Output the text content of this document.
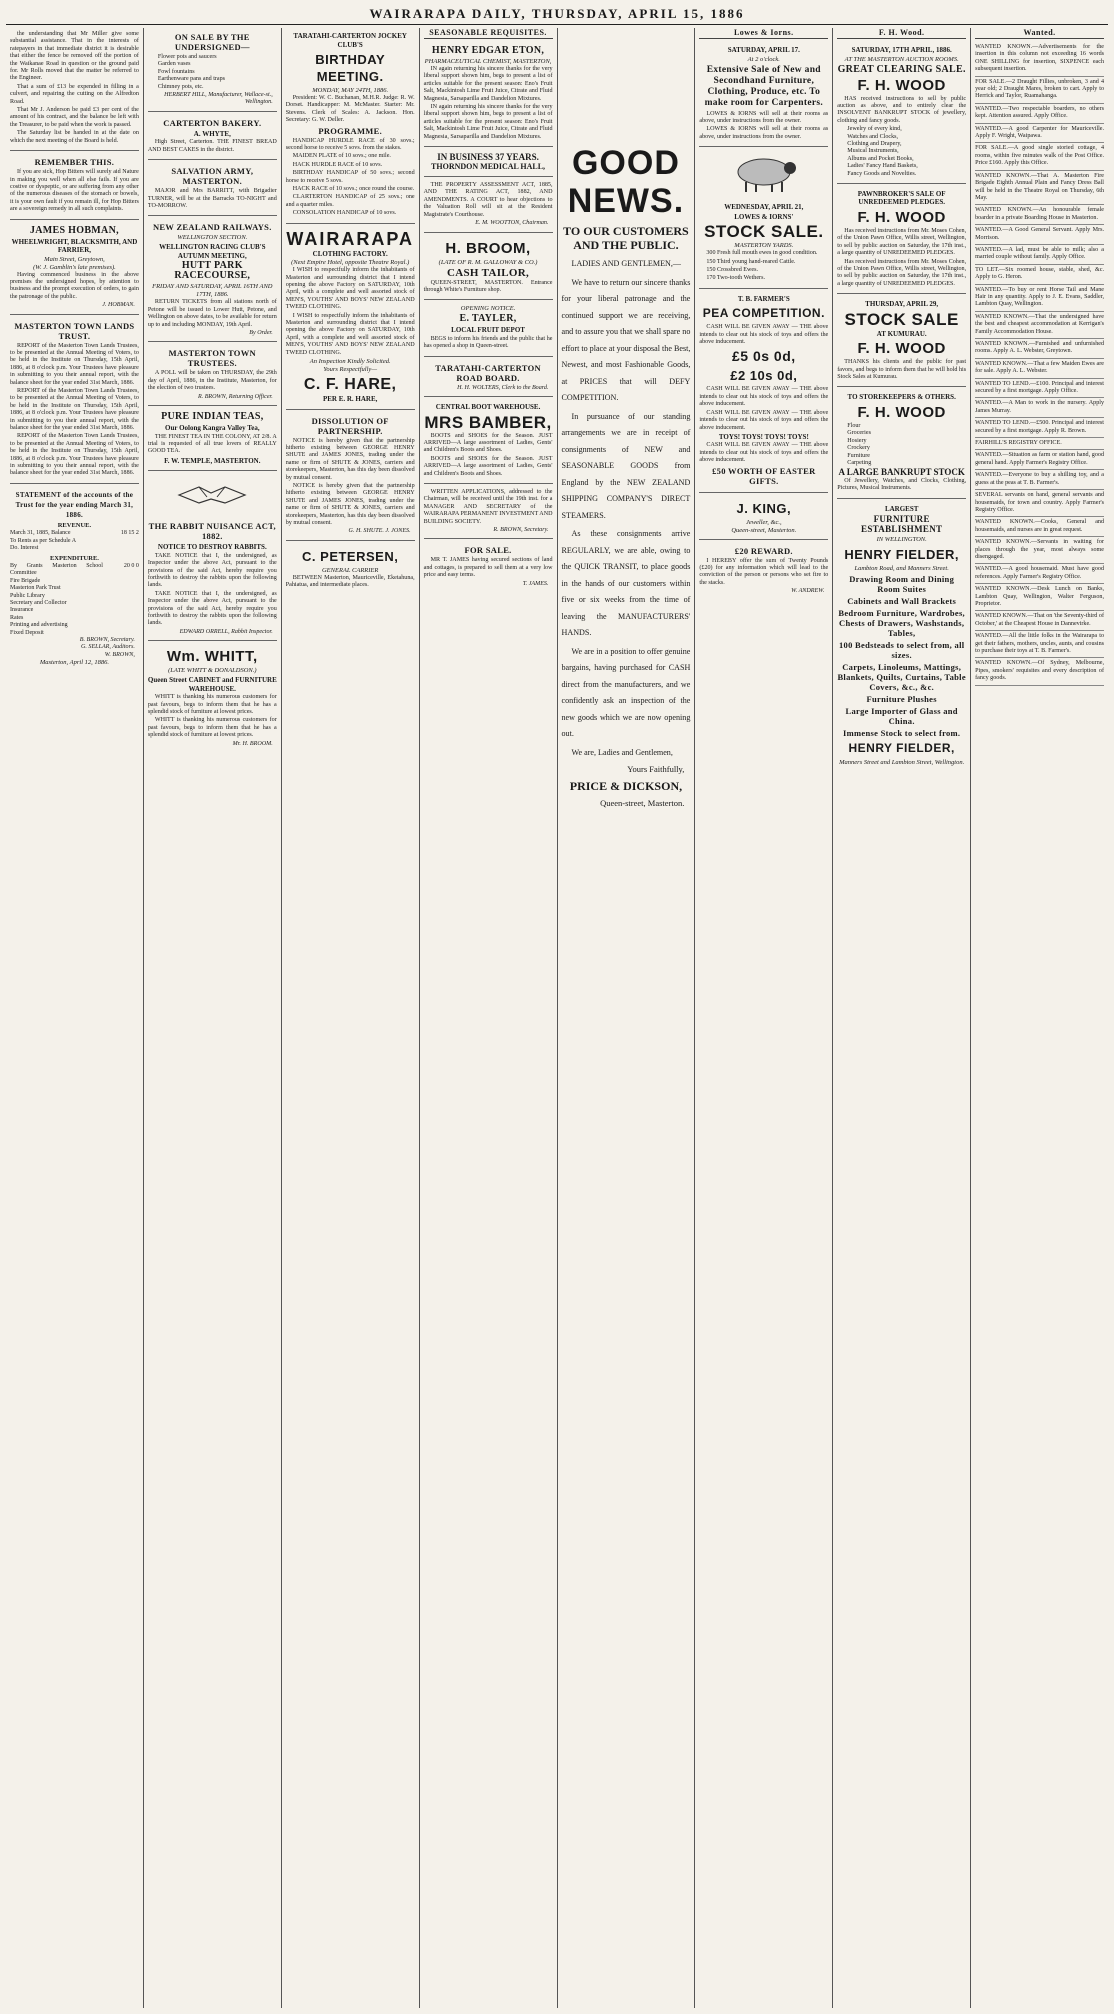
WAIRARAPA DAILY, THURSDAY, APRIL 15, 1886

the understanding that Mr Miller give some substantial assistance. That in the interests of ratepayers in that immediate district it is desirable that either the fence be removed off the portion of the Waikanae Road in question or the ground paid for. Mr Rolls moved that the matter be referred to the Engineer.

That a sum of £13 be expended in filling in a culvert, and repairing the cutting on the Alfredton Road.

That Mr J. Anderson be paid £3 per cent of the amount of his contract, and the balance be left with the Treasurer, to be paid when the work is passed.

The Saturday list be handed in at the date on which the next meeting of the Board is held.

REMEMBER THIS.

If you are sick, Hop Bitters will surely aid Nature in making you well when all else fails. If you are costive or dyspeptic, or are suffering from any other of the numerous diseases of the stomach or bowels, it is your own fault if you remain ill, for Hop Bitters are a sovereign remedy in all such complaints.

JAMES HOBMAN,
WHEELWRIGHT, BLACKSMITH, AND FARRIER,
Main Street, Greytown,
(W. J. Gamblin's late premises).

Having commenced business in the above premises the undersigned hopes, by attention to business and the prompt execution of orders, to gain the patronage of the public.

J. HOBMAN.
MASTERTON TOWN LANDS TRUST.

REPORT of the Masterton Town Lands Trustees, to be presented at the Annual Meeting of Voters, to be held in the Institute on Thursday, 15th April, 1886, at 8 o'clock p.m. Your Trustees have pleasure in submitting to you their annual report, with the balance sheet for the year ended 31st March, 1886.

REPORT of the Masterton Town Lands Trustees, to be presented at the Annual Meeting of Voters, to be held in the Institute on Thursday, 15th April, 1886, at 8 o'clock p.m. Your Trustees have pleasure in submitting to you their annual report, with the balance sheet for the year ended 31st March, 1886.

REPORT of the Masterton Town Lands Trustees, to be presented at the Annual Meeting of Voters, to be held in the Institute on Thursday, 15th April, 1886, at 8 o'clock p.m. Your Trustees have pleasure in submitting to you their annual report, with the balance sheet for the year ended 31st March, 1886.

STATEMENT of the accounts of the Trust for the year ending March 31, 1886.
REVENUE.
March 31, 1885, Balance	18 15 2
To Rents as per Schedule A
Do. Interest
EXPENDITURE.
By Grants Masterton School Committee
20 0 0
Fire Brigade
Masterton Park Trust
Public Library
Secretary and Collector
Insurance
Rates
Printing and advertising
Fixed Deposit
B. BROWN, Secretary.
G. SELLAR, Auditors.
W. BROWN,
Masterton, April 12, 1886.
ON SALE BY THE UNDERSIGNED—
Flower pots and saucers
Garden vases
Fowl fountains
Earthenware pans and traps
Chimney pots, etc.
HERBERT HILL, Manufacturer, Wallace-st., Wellington.
CARTERTON BAKERY.
A. WHYTE,

High Street, Carterton. THE FINEST BREAD AND BEST CAKES in the district.

SALVATION ARMY, MASTERTON.

MAJOR and Mrs BARRITT, with Brigadier TURNER, will be at the Barracks TO-NIGHT and TO-MORROW.

NEW ZEALAND RAILWAYS.
WELLINGTON SECTION.
WELLINGTON RACING CLUB'S AUTUMN MEETING,
HUTT PARK RACECOURSE,
FRIDAY AND SATURDAY, APRIL 16TH AND 17TH, 1886.

RETURN TICKETS from all stations north of Petone will be issued to Lower Hutt, Petone, and Wellington on above dates, to be available for return up to and including MONDAY, 19th April.

By Order.
MASTERTON TOWN TRUSTEES.

A POLL will be taken on THURSDAY, the 29th day of April, 1886, in the Institute, Masterton, for the election of two trustees.

R. BROWN, Returning Officer.
PURE INDIAN TEAS,
Our Oolong Kangra Valley Tea,

THE FINEST TEA IN THE COLONY, AT 2/8. A trial is requested of all true lovers of REALLY GOOD TEA.

F. W. TEMPLE, MASTERTON.
THE RABBIT NUISANCE ACT, 1882.
NOTICE TO DESTROY RABBITS.

TAKE NOTICE that I, the undersigned, as Inspector under the above Act, pursuant to the provisions of the said Act, hereby require you forthwith to destroy the rabbits upon the following lands.

TAKE NOTICE that I, the undersigned, as Inspector under the above Act, pursuant to the provisions of the said Act, hereby require you forthwith to destroy the rabbits upon the following lands.

EDWARD ORRELL, Rabbit Inspector.
Wm. WHITT,
(LATE WHITT & DONALDSON.)
Queen Street CABINET and FURNITURE WAREHOUSE.

WHITT is thanking his numerous customers for past favours, begs to inform them that he has a splendid stock of furniture at lowest prices.

WHITT is thanking his numerous customers for past favours, begs to inform them that he has a splendid stock of furniture at lowest prices.

Mr. H. BROOM.
TARATAHI-CARTERTON JOCKEY CLUB'S
BIRTHDAY MEETING.
MONDAY, MAY 24TH, 1886.

President: W. C. Buchanan, M.H.R. Judge: R. W. Dorset. Handicapper: M. McMaster. Starter: Mr. Stevens. Clerk of Scales: A. Jackson. Hon. Secretary: G. W. Deller.

PROGRAMME.

HANDICAP HURDLE RACE of 30 sovs.; second horse to receive 5 sovs. from the stakes.

MAIDEN PLATE of 10 sovs.; one mile.

HACK HURDLE RACE of 10 sovs.

BIRTHDAY HANDICAP of 50 sovs.; second horse to receive 5 sovs.

HACK RACE of 10 sovs.; once round the course.

CLARTERTON HANDICAP of 25 sovs.; one and a quarter miles.

CONSOLATION HANDICAP of 10 sovs.

WAIRARAPA
CLOTHING FACTORY.
(Next Empire Hotel, opposite Theatre Royal.)

I WISH to respectfully inform the inhabitants of Masterton and surrounding district that I intend opening the above Factory on SATURDAY, 10th April, with a complete and well assorted stock of MEN'S, YOUTHS' AND BOYS' NEW ZEALAND TWEED CLOTHING.

I WISH to respectfully inform the inhabitants of Masterton and surrounding district that I intend opening the above Factory on SATURDAY, 10th April, with a complete and well assorted stock of MEN'S, YOUTHS' AND BOYS' NEW ZEALAND TWEED CLOTHING.

An Inspection Kindly Solicited.
Yours Respectfully—
C. F. HARE,
PER E. R. HARE,
DISSOLUTION OF PARTNERSHIP.

NOTICE is hereby given that the partnership hitherto existing between GEORGE HENRY SHUTE and JAMES JONES, trading under the name or firm of SHUTE & JONES, carriers and storekeepers, Masterton, has this day been dissolved by mutual consent.

NOTICE is hereby given that the partnership hitherto existing between GEORGE HENRY SHUTE and JAMES JONES, trading under the name or firm of SHUTE & JONES, carriers and storekeepers, Masterton, has this day been dissolved by mutual consent.

G. H. SHUTE. J. JONES.
C. PETERSEN,
GENERAL CARRIER

BETWEEN Masterton, Mauriceville, Eketahuna, Pahiatua, and intermediate places.

SEASONABLE REQUISITES.
HENRY EDGAR ETON,
PHARMACEUTICAL CHEMIST, MASTERTON,

IN again returning his sincere thanks for the very liberal support shown him, begs to present a list of articles suitable for the present season: Eno's Fruit Salt, Mackintosh Lime Fruit Juice, Citrate and Fluid Magnesia, Sarsaparilla and Dandelion Mixtures.

IN again returning his sincere thanks for the very liberal support shown him, begs to present a list of articles suitable for the present season: Eno's Fruit Salt, Mackintosh Lime Fruit Juice, Citrate and Fluid Magnesia, Sarsaparilla and Dandelion Mixtures.

IN BUSINESS 37 YEARS.
THORNDON MEDICAL HALL,

THE PROPERTY ASSESSMENT ACT, 1885, AND THE RATING ACT, 1882, AND AMENDMENTS. A COURT to hear objections to the Valuation Roll will sit at the Resident Magistrate's Courthouse.

E. M. WOOTTON, Chairman.
H. BROOM,
(LATE OF R. M. GALLOWAY & CO.)
CASH TAILOR,

QUEEN-STREET, MASTERTON. Entrance through White's Furniture shop.

OPENING NOTICE.
E. TAYLER,
LOCAL FRUIT DEPOT

BEGS to inform his friends and the public that he has opened a shop in Queen-street.

TARATAHI-CARTERTON ROAD BOARD.
H. H. WOLTERS, Clerk to the Board.
CENTRAL BOOT WAREHOUSE.
MRS BAMBER,

BOOTS and SHOES for the Season. JUST ARRIVED—A large assortment of Ladies, Gents' and Children's Boots and Shoes.

BOOTS and SHOES for the Season. JUST ARRIVED—A large assortment of Ladies, Gents' and Children's Boots and Shoes.

WRITTEN APPLICATIONS, addressed to the Chairman, will be received until the 19th inst. for a MANAGER AND SECRETARY of the WAIRARAPA PERMANENT INVESTMENT AND BUILDING SOCIETY.

R. BROWN, Secretary.
FOR SALE.

MR T. JAMES having secured sections of land and cottages, is prepared to sell them at a very low price and easy terms.

T. JAMES.
GOOD NEWS.
TO OUR CUSTOMERS AND THE PUBLIC.

LADIES AND GENTLEMEN,—

We have to return our sincere thanks for your liberal patronage and the continued support we are receiving, and to assure you that we shall spare no effort to place at your disposal the Best, Newest, and most Fashionable Goods, at PRICES that will DEFY COMPETITION.

In pursuance of our standing arrangements we are in receipt of consignments of NEW and SEASONABLE GOODS from England by the NEW ZEALAND SHIPPING COMPANY'S DIRECT STEAMERS.

As these consignments arrive REGULARLY, we are able, owing to the QUICK TRANSIT, to place goods in the hands of our customers within five or six weeks from the time of leaving the MANUFACTURERS' HANDS.

We are in a position to offer genuine bargains, having purchased for CASH direct from the manufacturers, and we confidently ask an inspection of the new goods which we are now opening out.

We are, Ladies and Gentlemen,

Yours Faithfully,
PRICE & DICKSON,
Queen-street, Masterton.
Lowes & Iorns.
SATURDAY, APRIL 17.
At 2 o'clock.
Extensive Sale of New and Secondhand Furniture, Clothing, Produce, etc. To make room for Carpenters.

LOWES & IORNS will sell at their rooms as above, under instructions from the owner.

LOWES & IORNS will sell at their rooms as above, under instructions from the owner.

WEDNESDAY, APRIL 21,
LOWES & IORNS'
STOCK SALE.
MASTERTON YARDS.

300 Fresh full mouth ewes in good condition.

150 Third young hand-reared Cattle.

150 Crossbred Ewes.

170 Two-tooth Wethers.

T. B. FARMER'S
PEA COMPETITION.

CASH WILL BE GIVEN AWAY — THE above intends to clear out his stock of toys and offers the above inducement.

£5 0s 0d,
£2 10s 0d,

CASH WILL BE GIVEN AWAY — THE above intends to clear out his stock of toys and offers the above inducement.

CASH WILL BE GIVEN AWAY — THE above intends to clear out his stock of toys and offers the above inducement.

TOYS! TOYS! TOYS! TOYS!

CASH WILL BE GIVEN AWAY — THE above intends to clear out his stock of toys and offers the above inducement.

£50 WORTH OF EASTER GIFTS.
J. KING,
Jeweller, &c.,
Queen-street, Masterton.
£20 REWARD.

I HEREBY offer the sum of Twenty Pounds (£20) for any information which will lead to the conviction of the person or persons who set fire to the stacks.

W. ANDREW.
F. H. Wood.
SATURDAY, 17TH APRIL, 1886.
AT THE MASTERTON AUCTION ROOMS.
GREAT CLEARING SALE.
F. H. WOOD

HAS received instructions to sell by public auction as above, and to entirely clear the INSOLVENT BANKRUPT STOCK of jewellery, clothing and fancy goods.

Jewelry of every kind,
Watches and Clocks,
Clothing and Drapery,
Musical Instruments,
Albums and Pocket Books,
Ladies' Fancy Hand Baskets,
Fancy Goods and Novelties.
PAWNBROKER'S SALE OF UNREDEEMED PLEDGES.
F. H. WOOD

Has received instructions from Mr. Moses Cohen, of the Union Pawn Office, Willis street, Wellington, to sell by public auction on Saturday, the 17th inst., a large quantity of UNREDEEMED PLEDGES.

Has received instructions from Mr. Moses Cohen, of the Union Pawn Office, Willis street, Wellington, to sell by public auction on Saturday, the 17th inst., a large quantity of UNREDEEMED PLEDGES.

THURSDAY, APRIL 29,
STOCK SALE
AT KUMURAU.
F. H. WOOD

THANKS his clients and the public for past favors, and begs to inform them that he will hold his Stock Sales at Kumurau.

TO STOREKEEPERS & OTHERS.
F. H. WOOD
Flour
Groceries
Hosiery
Crockery
Furniture
Carpeting
A LARGE BANKRUPT STOCK

Of Jewellery, Watches, and Clocks, Clothing, Pictures, Musical Instruments.

LARGEST
FURNITURE ESTABLISHMENT
IN WELLINGTON.
HENRY FIELDER,
Lambton Road, and Manners Street.
Drawing Room and Dining Room Suites
Cabinets and Wall Brackets
Bedroom Furniture, Wardrobes, Chests of Drawers, Washstands, Tables,
100 Bedsteads to select from, all sizes.
Carpets, Linoleums, Mattings, Blankets, Quilts, Curtains, Table Covers, &c., &c.
Furniture Plushes
Large Importer of Glass and China.
Immense Stock to select from.
HENRY FIELDER,
Manners Street and Lambton Street, Wellington.
Wanted.
WANTED KNOWN.—Advertisements for the insertion in this column not exceeding 16 words ONE SHILLING for insertion, SIXPENCE each subsequent insertion.
FOR SALE.—2 Draught Fillies, unbroken, 3 and 4 year old; 2 Draught Mares, broken to cart. Apply to Herrick and Taylor, Ruamahanga.
WANTED.—Two respectable boarders, no others kept. Attention assured. Apply Office.
WANTED.—A good Carpenter for Mauriceville. Apply F. Wright, Waipawa.
FOR SALE.—A good single storied cottage, 4 rooms, within five minutes walk of the Post Office. Price £160. Apply this Office.
WANTED KNOWN.—That A. Masterton Fire Brigade Eighth Annual Plain and Fancy Dress Ball will be held in the Theatre Royal on Thursday, 6th May.
WANTED KNOWN.—An honourable female boarder in a private Boarding House in Masterton.
WANTED.—A Good General Servant. Apply Mrs. Morrison.
WANTED.—A lad, must be able to milk; also a married couple without family. Apply Office.
TO LET.—Six roomed house, stable, shed, &c. Apply to G. Heron.
WANTED.—To buy or rent Horse Tail and Mane Hair in any quantity. Apply to J. E. Evans, Saddler, Lambton Quay, Wellington.
WANTED KNOWN.—That the undersigned have the best and cheapest accommodation at Kerrigan's Family Accommodation House.
WANTED KNOWN.—Furnished and unfurnished rooms. Apply A. L. Webster, Greytown.
WANTED KNOWN.—That a few Maiden Ewes are for sale. Apply A. L. Webster.
WANTED TO LEND.—£100. Principal and interest secured by a first mortgage. Apply Office.
WANTED.—A Man to work in the nursery. Apply James Murray.
WANTED TO LEND.—£500. Principal and interest secured by a first mortgage. Apply R. Brown.
FAIRHILL'S REGISTRY OFFICE.
WANTED.—Situation as farm or station hand, good general hand. Apply Farmer's Registry Office.
WANTED.—Everyone to buy a shilling toy, and a guess at the peas at T. B. Farmer's.
SEVERAL servants on hand, general servants and housemaids, for town and country. Apply Farmer's Registry Office.
WANTED KNOWN.—Cooks, General and housemaids, and nurses are in great request.
WANTED KNOWN.—Servants in waiting for places through the year, most always some disengaged.
WANTED.—A good housemaid. Must have good references. Apply Farmer's Registry Office.
WANTED KNOWN.—Desk Lunch on Banks, Lambton Quay, Wellington, Walter Ferguson, Proprietor.
WANTED KNOWN.—That on 'the Seventy-third of October,' at the Cheapest House in Dannevirke.
WANTED.—All the little folks in the Wairarapa to get their fathers, mothers, uncles, aunts, and cousins to purchase their toys at T. B. Farmer's.
WANTED KNOWN.—Of Sydney, Melbourne, Pipes, smokers' requisites and every description of fancy goods.
